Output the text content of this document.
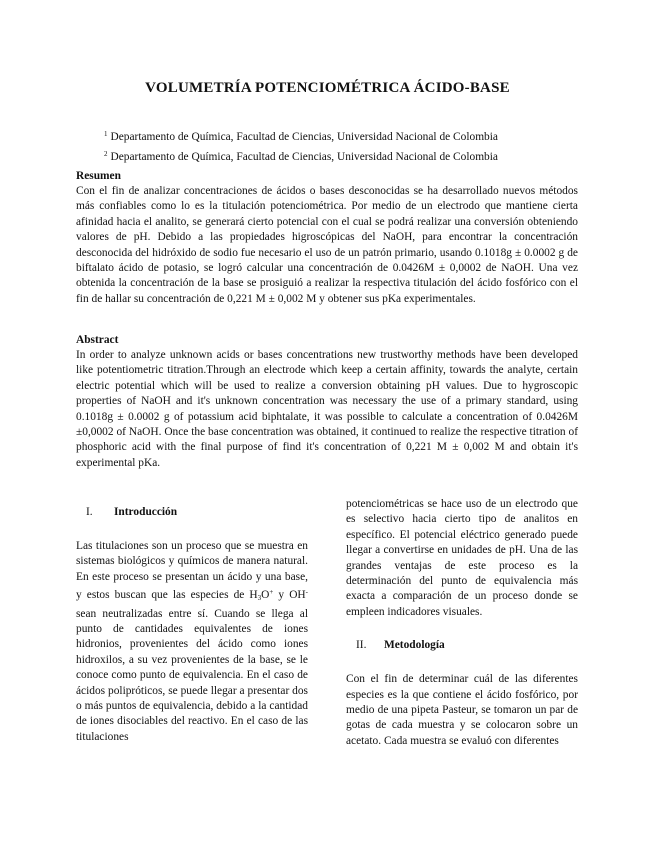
VOLUMETRÍA POTENCIOMÉTRICA ÁCIDO-BASE
$^1$ Departamento de Química, Facultad de Ciencias, Universidad Nacional de Colombia
$^2$ Departamento de Química, Facultad de Ciencias, Universidad Nacional de Colombia
Resumen

Con el fin de analizar concentraciones de ácidos o bases desconocidas se ha desarrollado nuevos métodos más confiables como lo es la titulación potenciométrica. Por medio de un electrodo que mantiene cierta afinidad hacia el analito, se generará cierto potencial con el cual se podrá realizar una conversión obteniendo valores de pH. Debido a las propiedades higroscópicas del NaOH, para encontrar la concentración desconocida del hidróxido de sodio fue necesario el uso de un patrón primario, usando 0.1018g ± 0.0002 g de biftalato ácido de potasio, se logró calcular una concentración de 0.0426M ± 0,0002 de NaOH. Una vez obtenida la concentración de la base se prosiguió a realizar la respectiva titulación del ácido fosfórico con el fin de hallar su concentración de 0,221 M ± 0,002 M y obtener sus pKa experimentales.

Abstract

In order to analyze unknown acids or bases concentrations new trustworthy methods have been developed like potentiometric titration.Through an electrode which keep a certain affinity, towards the analyte, certain electric potential which will be used to realize a conversion obtaining pH values. Due to hygroscopic properties of NaOH and it's unknown concentration was necessary the use of a primary standard, using 0.1018g ± 0.0002 g of potassium acid biphtalate, it was possible to calculate a concentration of 0.0426M ±0,0002 of NaOH. Once the base concentration was obtained, it continued to realize the respective titration of phosphoric acid with the final purpose of find it's concentration of 0,221 M ± 0,002 M and obtain it's experimental pKa.

I.	Introducción

Las titulaciones son un proceso que se muestra en sistemas biológicos y químicos de manera natural. En este proceso se presentan un ácido y una base, y estos buscan que las especies de $H_3O^+$ y OH- sean neutralizadas entre sí. Cuando se llega al punto de cantidades equivalentes de iones hidronios, provenientes del ácido como iones hidroxilos, a su vez provenientes de la base, se le conoce como punto de equivalencia. En el caso de ácidos polipróticos, se puede llegar a presentar dos o más puntos de equivalencia, debido a la cantidad de iones disociables del reactivo. En el caso de las titulaciones

potenciométricas se hace uso de un electrodo que es selectivo hacia cierto tipo de analitos en específico. El potencial eléctrico generado puede llegar a convertirse en unidades de pH. Una de las grandes ventajas de este proceso es la determinación del punto de equivalencia más exacta a comparación de un proceso donde se empleen indicadores visuales.

II.	Metodología

Con el fin de determinar cuál de las diferentes especies es la que contiene el ácido fosfórico, por medio de una pipeta Pasteur, se tomaron un par de gotas de cada muestra y se colocaron sobre un acetato. Cada muestra se evaluó con diferentes
